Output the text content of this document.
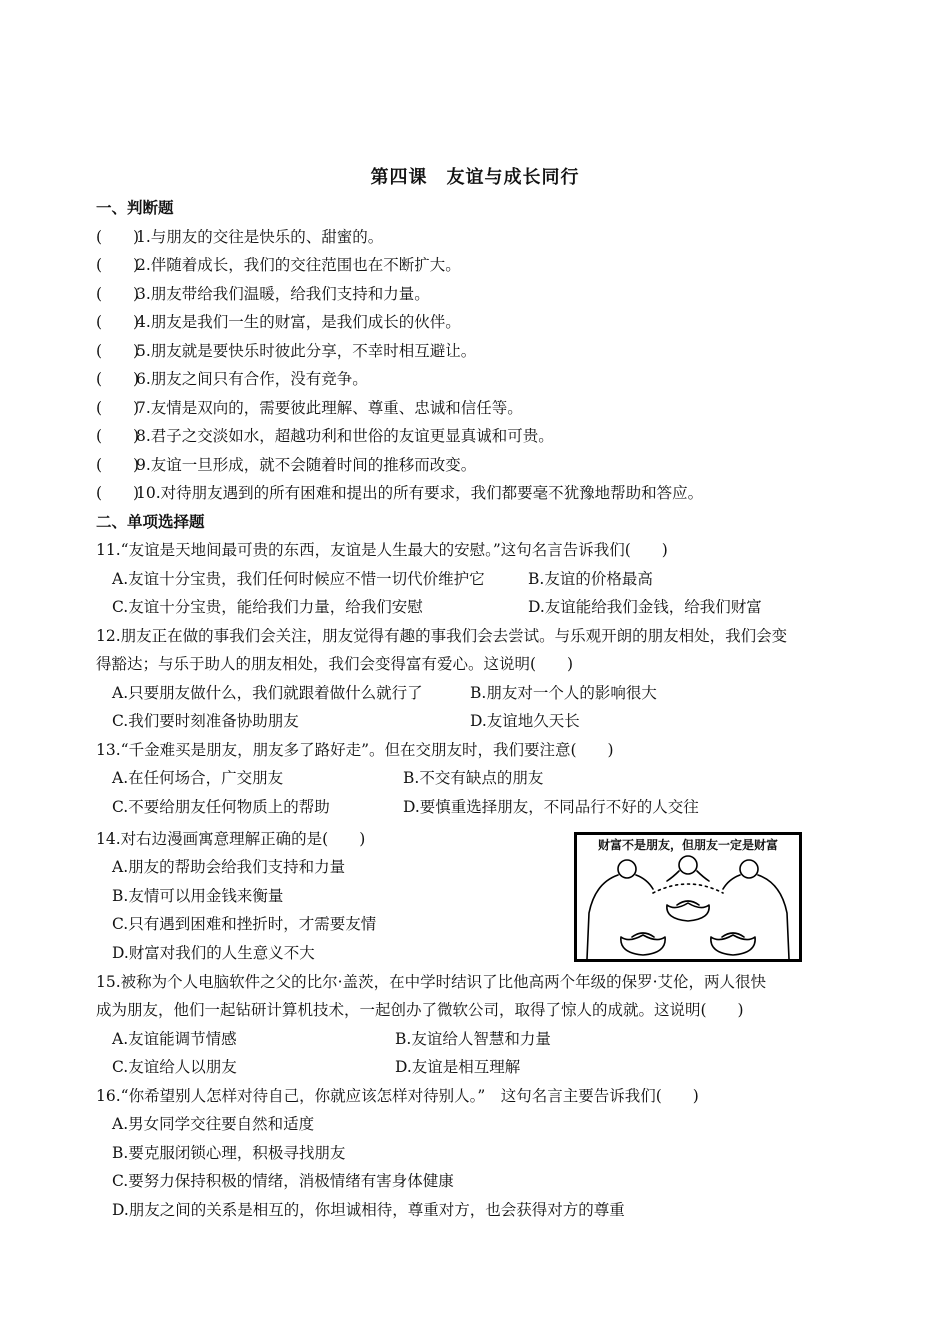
第四课　友谊与成长同行
一、判断题
(　　)
1.与朋友的交往是快乐的、甜蜜的。
(　　)
2.伴随着成长，我们的交往范围也在不断扩大。
(　　)
3.朋友带给我们温暖，给我们支持和力量。
(　　)
4.朋友是我们一生的财富，是我们成长的伙伴。
(　　)
5.朋友就是要快乐时彼此分享，不幸时相互避让。
(　　)
6.朋友之间只有合作，没有竞争。
(　　)
7.友情是双向的，需要彼此理解、尊重、忠诚和信任等。
(　　)
8.君子之交淡如水，超越功利和世俗的友谊更显真诚和可贵。
(　　)
9.友谊一旦形成，就不会随着时间的推移而改变。
(　　)
10.对待朋友遇到的所有困难和提出的所有要求，我们都要毫不犹豫地帮助和答应。
二、单项选择题
11.“友谊是天地间最可贵的东西，友谊是人生最大的安慰。”这句名言告诉我们(　　)
A.友谊十分宝贵，我们任何时候应不惜一切代价维护它	B.友谊的价格最高
C.友谊十分宝贵，能给我们力量，给我们安慰	D.友谊能给我们金钱，给我们财富
12.朋友正在做的事我们会关注，朋友觉得有趣的事我们会去尝试。与乐观开朗的朋友相处，我们会变
得豁达；与乐于助人的朋友相处，我们会变得富有爱心。这说明(　　)
A.只要朋友做什么，我们就跟着做什么就行了	B.朋友对一个人的影响很大
C.我们要时刻准备协助朋友	D.友谊地久天长
13.“千金难买是朋友，朋友多了路好走”。但在交朋友时，我们要注意(　　)
A.在任何场合，广交朋友	B.不交有缺点的朋友
C.不要给朋友任何物质上的帮助	D.要慎重选择朋友，不同品行不好的人交往
14.对右边漫画寓意理解正确的是(　　)
A.朋友的帮助会给我们支持和力量
B.友情可以用金钱来衡量
C.只有遇到困难和挫折时，才需要友情
D.财富对我们的人生意义不大
财富不是朋友，但朋友一定是财富
15.被称为个人电脑软件之父的比尔·盖茨，在中学时结识了比他高两个年级的保罗·艾伦，两人很快
成为朋友，他们一起钻研计算机技术，一起创办了微软公司，取得了惊人的成就。这说明(　　)
A.友谊能调节情感	B.友谊给人智慧和力量
C.友谊给人以朋友	D.友谊是相互理解
16.“你希望别人怎样对待自己，你就应该怎样对待别人。”　这句名言主要告诉我们(　　)
A.男女同学交往要自然和适度
B.要克服闭锁心理，积极寻找朋友
C.要努力保持积极的情绪，消极情绪有害身体健康
D.朋友之间的关系是相互的，你坦诚相待，尊重对方，也会获得对方的尊重
